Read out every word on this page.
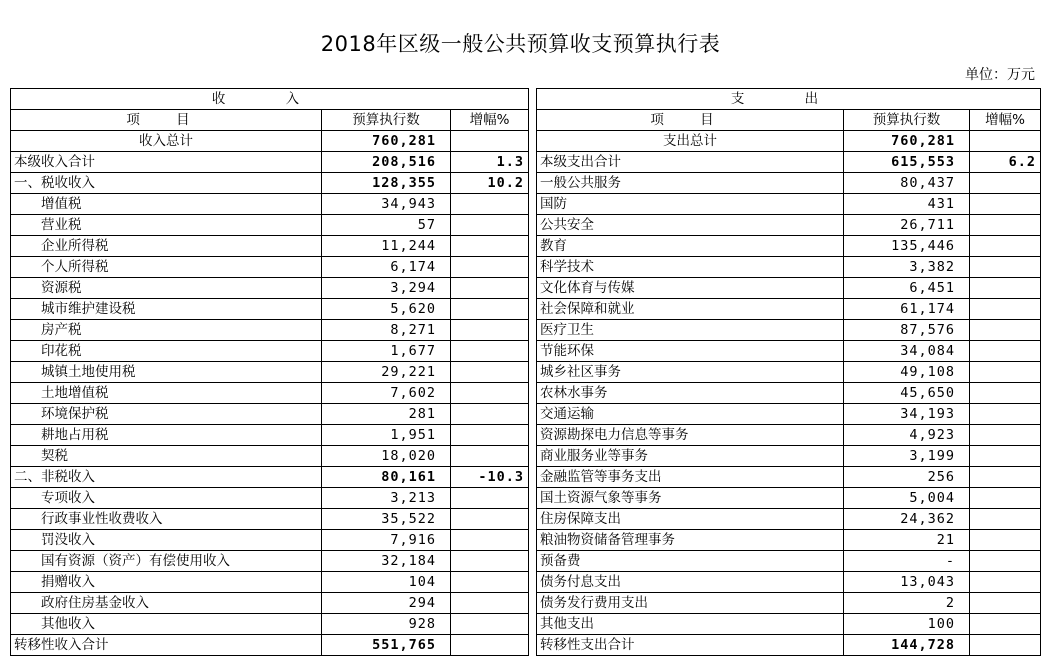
2018年区级一般公共预算收支预算执行表
单位：万元
收 入				支 出		
项 目	预算执行数	增幅%		项 目	预算执行数	增幅%
收入总计	760,281			支出总计	760,281	
本级收入合计	208,516	1.3		本级支出合计	615,553	6.2
一、税收收入	128,355	10.2		一般公共服务	80,437	
增值税	34,943			国防	431	
营业税	57			公共安全	26,711	
企业所得税	11,244			教育	135,446	
个人所得税	6,174			科学技术	3,382	
资源税	3,294			文化体育与传媒	6,451	
城市维护建设税	5,620			社会保障和就业	61,174	
房产税	8,271			医疗卫生	87,576	
印花税	1,677			节能环保	34,084	
城镇土地使用税	29,221			城乡社区事务	49,108	
土地增值税	7,602			农林水事务	45,650	
环境保护税	281			交通运输	34,193	
耕地占用税	1,951			资源勘探电力信息等事务	4,923	
契税	18,020			商业服务业等事务	3,199	
二、非税收入	80,161	-10.3		金融监管等事务支出	256	
专项收入	3,213			国土资源气象等事务	5,004	
行政事业性收费收入	35,522			住房保障支出	24,362	
罚没收入	7,916			粮油物资储备管理事务	21	
国有资源（资产）有偿使用收入	32,184			预备费	-	
捐赠收入	104			债务付息支出	13,043	
政府住房基金收入	294			债务发行费用支出	2	
其他收入	928			其他支出	100	
转移性收入合计	551,765			转移性支出合计	144,728	
